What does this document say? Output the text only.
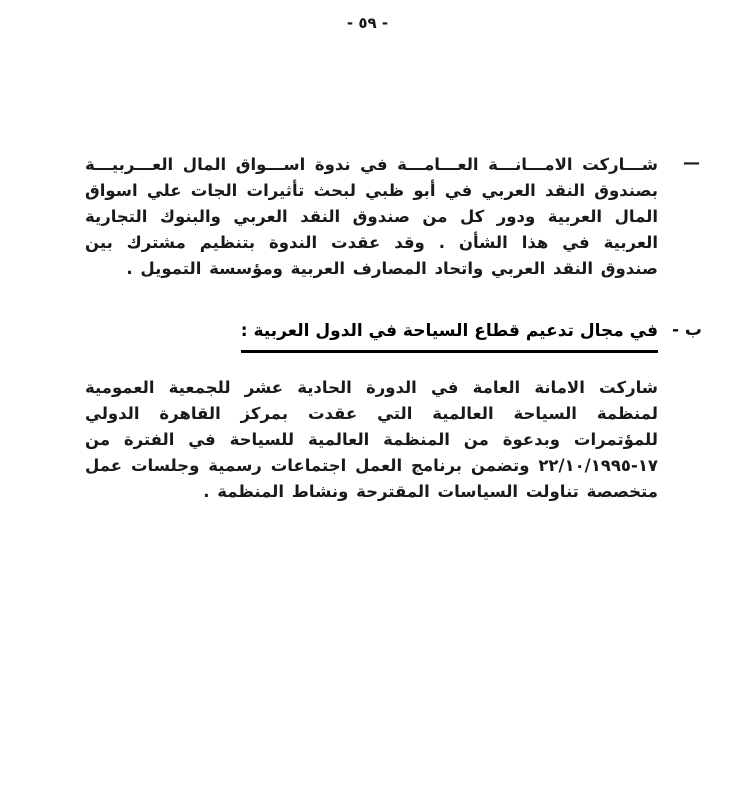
- ٥٩ -
—

شـــاركت الامـــانـــة العـــامـــة في ندوة اســـواق المال العـــربيـــة بصندوق النقد العربي في أبو ظبي لبحث تأثيرات الجات علي اسواق المال العربية ودور كل من صندوق النقد العربي والبنوك التجارية العربية في هذا الشأن . وقد عقدت الندوة بتنظيم مشترك بين صندوق النقد العربي واتحاد المصارف العربية ومؤسسة التمويل .

ب -
في مجال تدعيم قطاع السياحة في الدول العربية :

شاركت الامانة العامة في الدورة الحادية عشر للجمعية العمومية لمنظمة السياحة العالمية التي عقدت بمركز القاهرة الدولي للمؤتمرات وبدعوة من المنظمة العالمية للسياحة في الفترة من ١٧-٢٢/١٠/١٩٩٥ وتضمن برنامج العمل اجتماعات رسمية وجلسات عمل متخصصة تناولت السياسات المقترحة ونشاط المنظمة .
